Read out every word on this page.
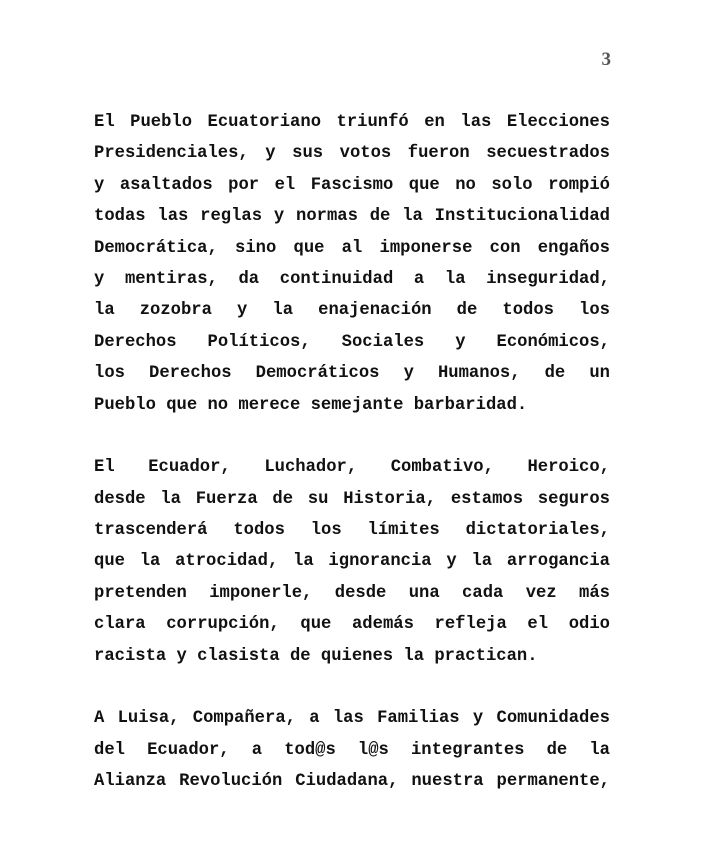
3
El Pueblo Ecuatoriano triunfó en las Elecciones
Presidenciales, y sus votos fueron secuestrados
y asaltados por el Fascismo que no solo rompió
todas las reglas y normas de la Institucionalidad
Democrática, sino que al imponerse con engaños
y mentiras, da continuidad a la inseguridad,
la zozobra y la enajenación de todos los
Derechos Políticos, Sociales y Económicos,
los Derechos Democráticos y Humanos, de un
Pueblo que no merece semejante barbaridad.
El Ecuador, Luchador, Combativo, Heroico,
desde la Fuerza de su Historia, estamos seguros
trascenderá todos los límites dictatoriales,
que la atrocidad, la ignorancia y la arrogancia
pretenden imponerle, desde una cada vez más
clara corrupción, que además refleja el odio
racista y clasista de quienes la practican.
A Luisa, Compañera, a las Familias y Comunidades
del Ecuador, a tod@s l@s integrantes de la
Alianza Revolución Ciudadana, nuestra permanente,
